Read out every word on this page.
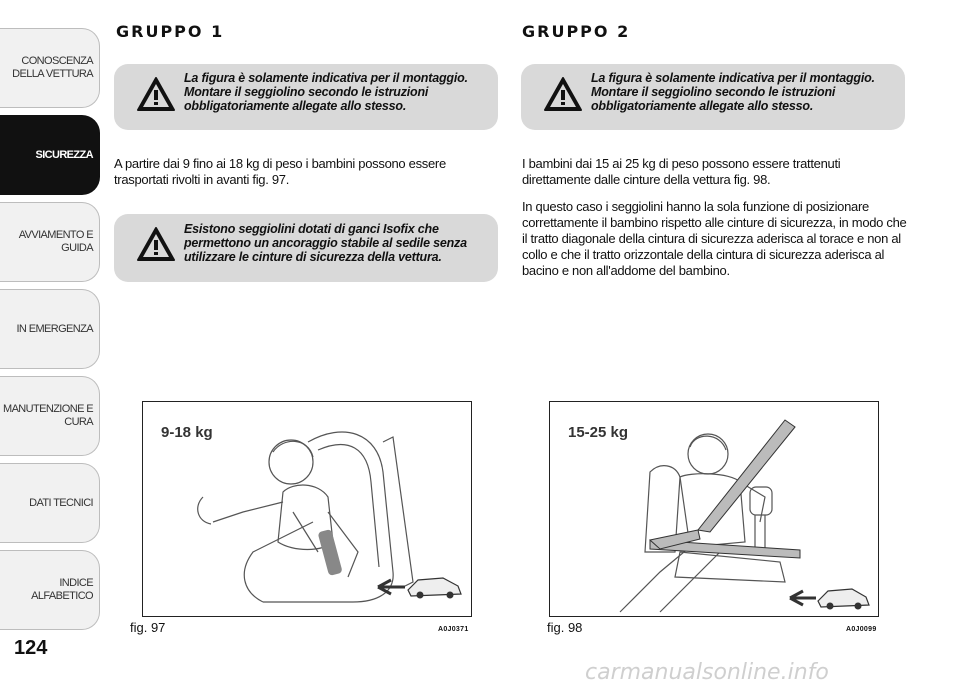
CONOSCENZA
DELLA VETTURA
SICUREZZA
AVVIAMENTO E
GUIDA
IN EMERGENZA
MANUTENZIONE E
CURA
DATI TECNICI
INDICE ALFABETICO
124
GRUPPO 1
La figura è solamente indicativa per il montaggio. Montare il seggiolino secondo le istruzioni obbligatoriamente allegate allo stesso.

A partire dai 9 fino ai 18 kg di peso i bambini possono essere trasportati rivolti in avanti fig. 97.

Esistono seggiolini dotati di ganci Isofix che permettono un ancoraggio stabile al sedile senza utilizzare le cinture di sicurezza della vettura.
9-18 kg
fig. 97	A0J0371
GRUPPO 2
La figura è solamente indicativa per il montaggio. Montare il seggiolino secondo le istruzioni obbligatoriamente allegate allo stesso.

I bambini dai 15 ai 25 kg di peso possono essere trattenuti direttamente dalle cinture della vettura fig. 98.

In questo caso i seggiolini hanno la sola funzione di posizionare correttamente il bambino rispetto alle cinture di sicurezza, in modo che il tratto diagonale della cintura di sicurezza aderisca al torace e non al collo e che il tratto orizzontale della cintura di sicurezza aderisca al bacino e non all'addome del bambino.

15-25 kg
fig. 98	A0J0099
carmanualsonline.info
